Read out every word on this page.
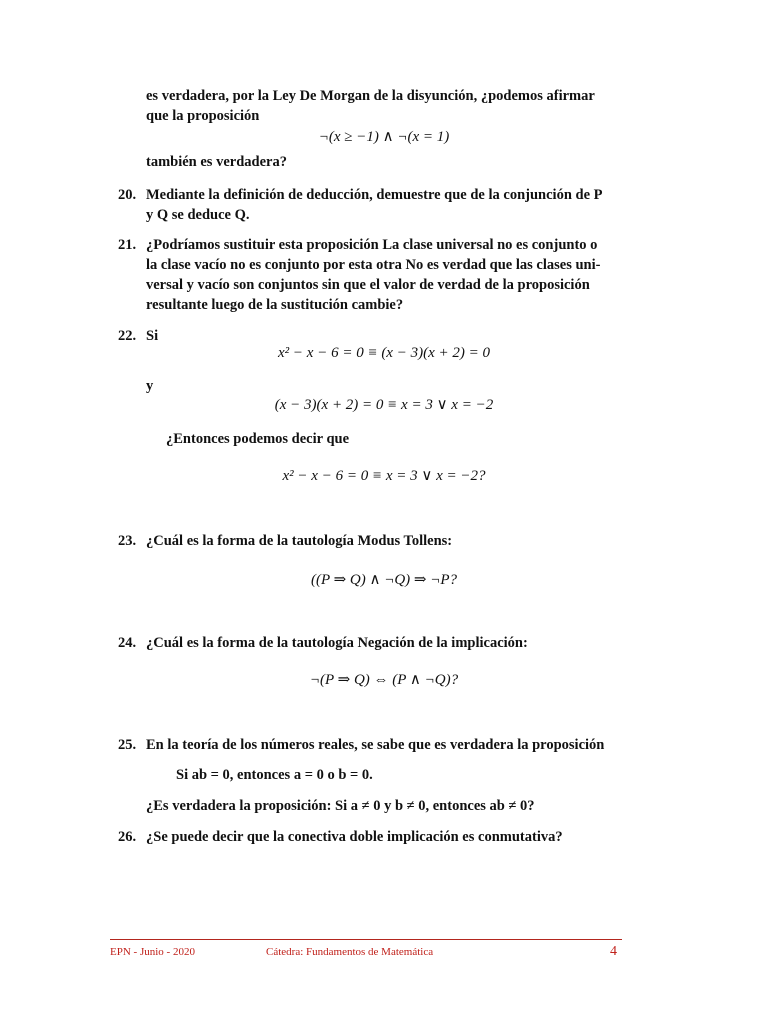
es verdadera, por la Ley De Morgan de la disyunción, ¿podemos afirmar
que la proposición
¬(x ≥ −1) ∧ ¬(x = 1)
también es verdadera?
20. Mediante la definición de deducción, demuestre que de la conjunción de P
y Q se deduce Q.
21. ¿Podríamos sustituir esta proposición La clase universal no es conjunto o
la clase vacío no es conjunto por esta otra No es verdad que las clases uni-
versal y vacío son conjuntos sin que el valor de verdad de la proposición
resultante luego de la sustitución cambie?
22. Si
x² − x − 6 = 0 ≡ (x − 3)(x + 2) = 0
y
(x − 3)(x + 2) = 0 ≡ x = 3 ∨ x = −2
¿Entonces podemos decir que
x² − x − 6 = 0 ≡ x = 3 ∨ x = −2?
23. ¿Cuál es la forma de la tautología Modus Tollens:
((P ⇒ Q) ∧ ¬Q) ⇒ ¬P?
24. ¿Cuál es la forma de la tautología Negación de la implicación:
¬(P ⇒ Q) ⇔ (P ∧ ¬Q)?
25. En la teoría de los números reales, se sabe que es verdadera la proposición
Si ab = 0, entonces a = 0 o b = 0.
¿Es verdadera la proposición: Si a ≠ 0 y b ≠ 0, entonces ab ≠ 0?
26. ¿Se puede decir que la conectiva doble implicación es conmutativa?
EPN - Junio - 2020	Cátedra: Fundamentos de Matemática	4
